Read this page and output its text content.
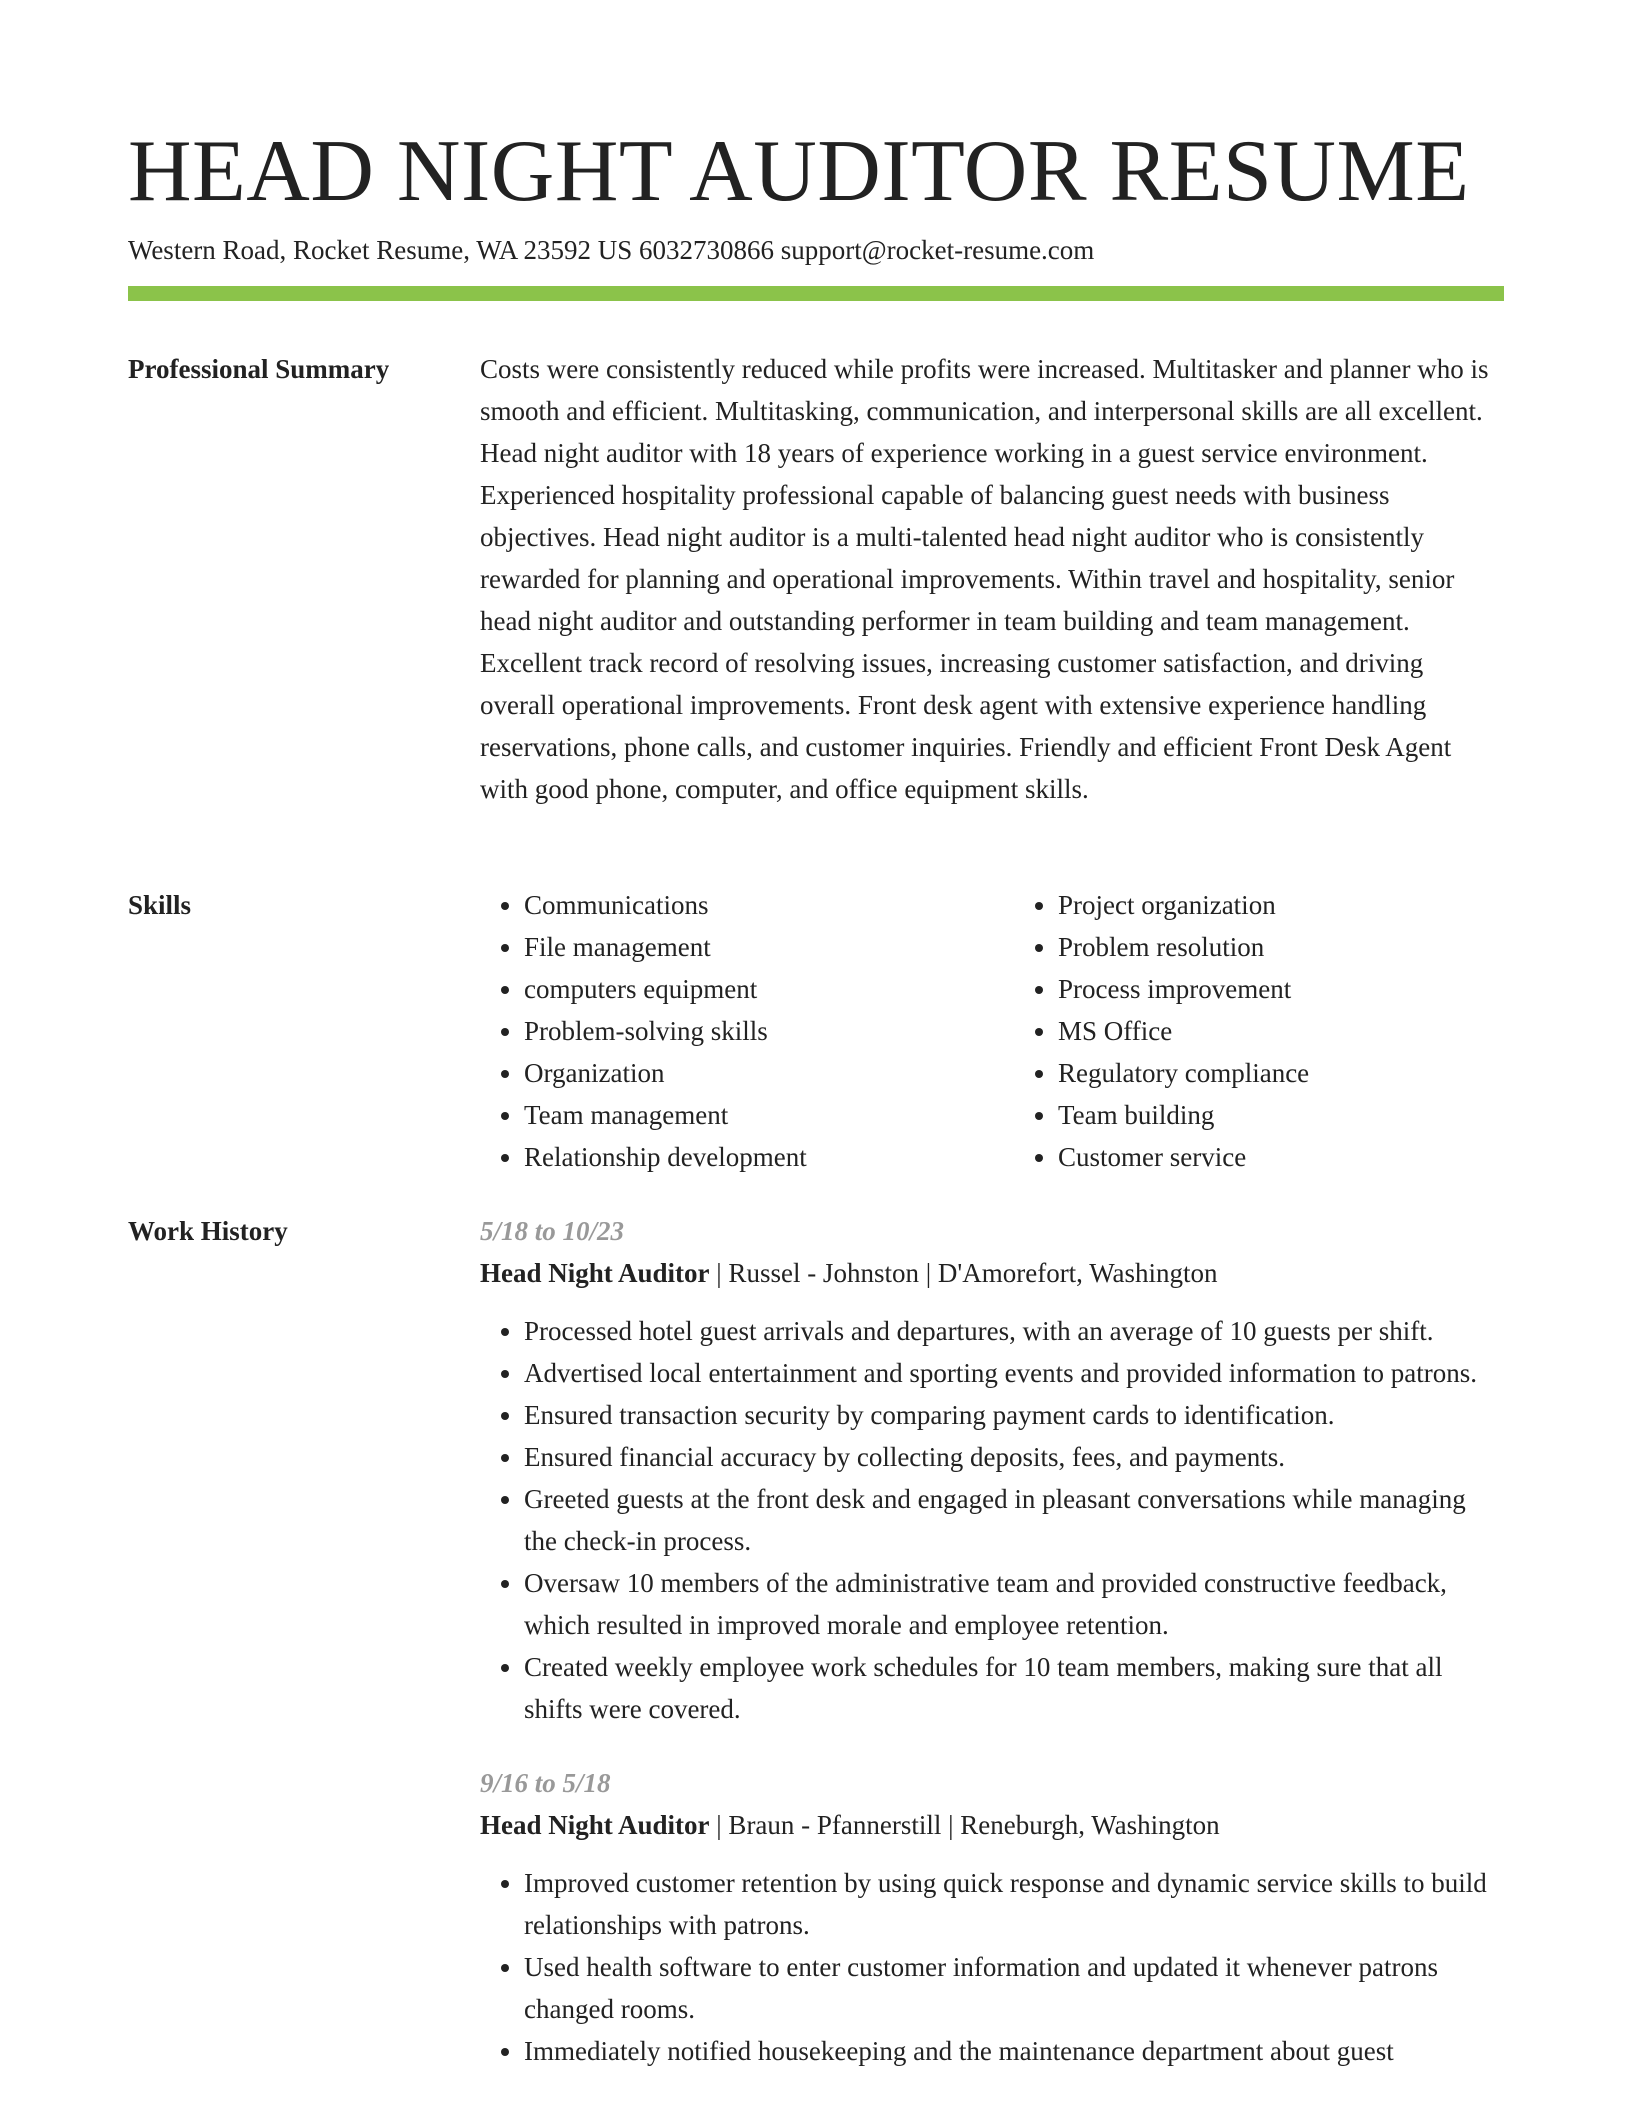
HEAD NIGHT AUDITOR RESUME
Western Road, Rocket Resume, WA 23592 US 6032730866 support@rocket-resume.com
Professional Summary	Costs were consistently reduced while profits were increased. Multitasker and planner who is smooth and efficient. Multitasking, communication, and interpersonal skills are all excellent. Head night auditor with 18 years of experience working in a guest service environment. Experienced hospitality professional capable of balancing guest needs with business objectives. Head night auditor is a multi-talented head night auditor who is consistently rewarded for planning and operational improvements. Within travel and hospitality, senior head night auditor and outstanding performer in team building and team management. Excellent track record of resolving issues, increasing customer satisfaction, and driving overall operational improvements. Front desk agent with extensive experience handling reservations, phone calls, and customer inquiries. Friendly and efficient Front Desk Agent with good phone, computer, and office equipment skills.

Skills
•	Communications
• File management
• computers equipment
• Problem-solving skills
• Organization
• Team management
• Relationship development
• Project organization
• Problem resolution
• Process improvement
• MS Office
• Regulatory compliance
• Team building
• Customer service
Work History	5/18 to 10/23
Head Night Auditor | Russel - Johnston | D'Amorefort, Washington
• Processed hotel guest arrivals and departures, with an average of 10 guests per shift.
• Advertised local entertainment and sporting events and provided information to patrons.
• Ensured transaction security by comparing payment cards to identification.
• Ensured financial accuracy by collecting deposits, fees, and payments.
• Greeted guests at the front desk and engaged in pleasant conversations while managing the check-in process.
• Oversaw 10 members of the administrative team and provided constructive feedback, which resulted in improved morale and employee retention.
• Created weekly employee work schedules for 10 team members, making sure that all shifts were covered.
9/16 to 5/18
Head Night Auditor | Braun - Pfannerstill | Reneburgh, Washington
• Improved customer retention by using quick response and dynamic service skills to build relationships with patrons.
• Used health software to enter customer information and updated it whenever patrons changed rooms.
• Immediately notified housekeeping and the maintenance department about guest
